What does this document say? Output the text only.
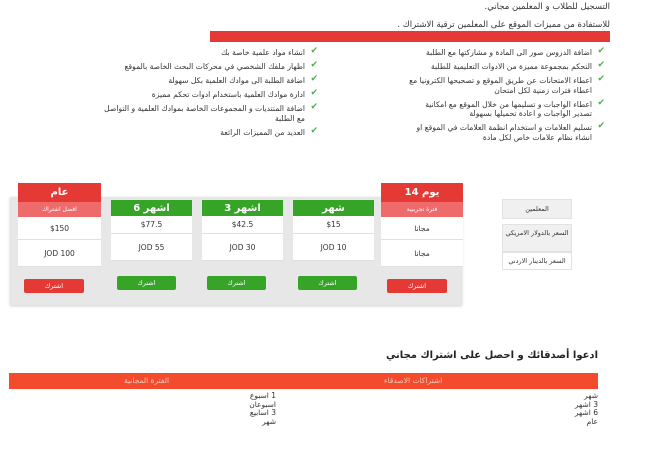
التسجيل للطلاب و المعلمين مجاني.
للاستفادة من مميزات الموقع على المعلمين ترقية الاشتراك .
ترقية الاشتراك لها مميزات عديدة :
✔
اضافة الدروس صور الى المادة و مشاركتها مع الطلبة
✔
التحكم بمجموعة مميزة من الادوات التعليمية للطلبة
✔
اعطاء الامتحانات عن طريق الموقع و تصحيحها الكترونيا مع اعطاء فترات زمنية لكل امتحان
✔
اعطاء الواجبات و تسليمها من خلال الموقع مع امكانية تصدير الواجبات و اعادة تحميلها بسهولة
✔
تسليم العلامات و استخدام انظمة العلامات في الموقع او انشاء نظام علامات خاص لكل مادة
✔
انشاء مواد علمية خاصة بك
✔
اظهار ملفك الشخصي في محركات البحث الخاصة بالموقع
✔
اضافة الطلبة الى موادك العلمية بكل سهولة
✔
ادارة موادك العلمية باستخدام ادوات تحكم مميزة
✔
اضافة المنتديات و المجموعات الخاصة بموادك العلمية و التواصل مع الطلبة
✔
العديد من المميزات الرائعة
عام
افضل اشتراك
$150
JOD 100
اشترك
6 اشهر
$77.5
JOD 55
اشترك
3 اشهر
$42.5
JOD 30
اشترك
شهر
$15
JOD 10
اشترك
14 يوم
فترة تجريبية
مجانا
مجانا
اشترك
المعلمين
السعر بالدولار الامريكي
السعر بالدينار الاردني
ادعوا أصدقائك و احصل على اشتراك مجاني
اشتراكات الاصدقاء
الفترة المجانية
شهر
3 اشهر
6 اشهر
عام
1 اسبوع
اسبوعان
3 اسابيع
شهر
